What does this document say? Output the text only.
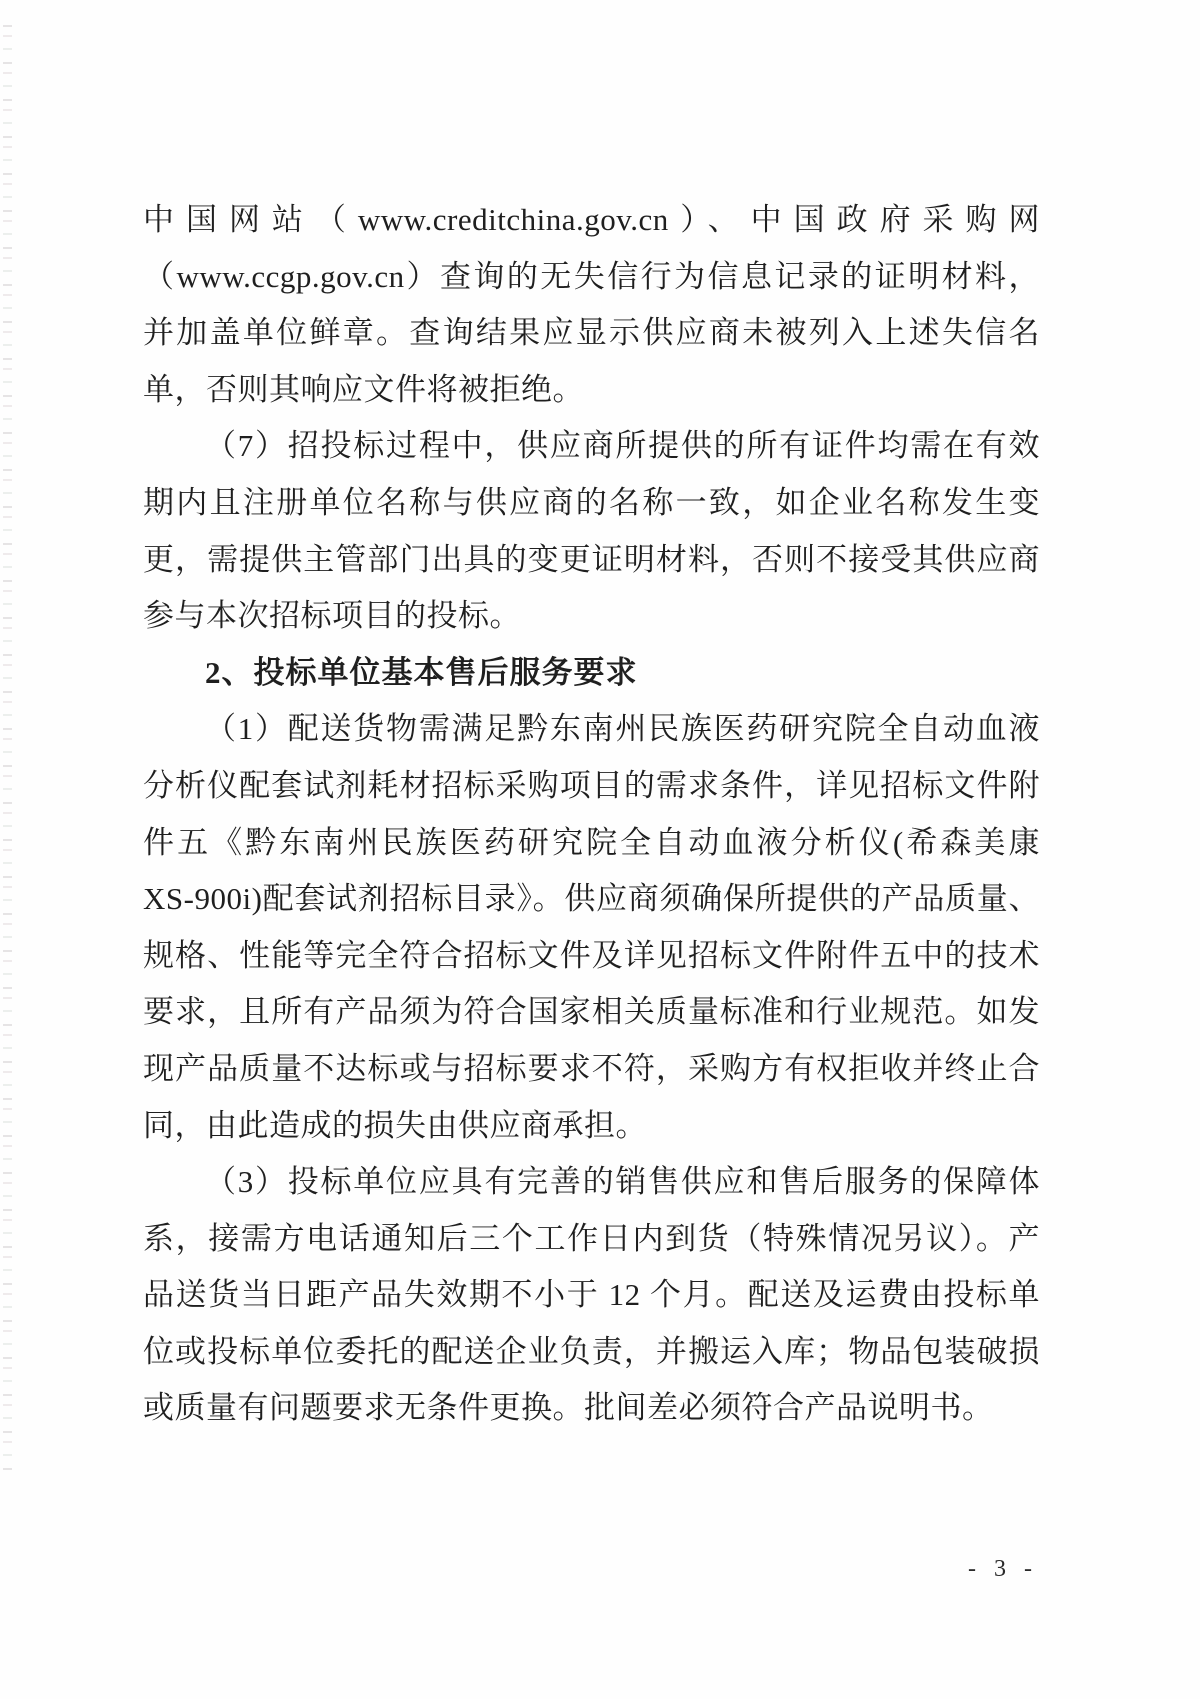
中国网站（www.creditchina.gov.cn）、中国政府采购网

（www.ccgp.gov.cn）查询的无失信行为信息记录的证明材料，

并加盖单位鲜章。查询结果应显示供应商未被列入上述失信名

单，否则其响应文件将被拒绝。

（7）招投标过程中，供应商所提供的所有证件均需在有效

期内且注册单位名称与供应商的名称一致，如企业名称发生变

更，需提供主管部门出具的变更证明材料，否则不接受其供应商

参与本次招标项目的投标。

2、投标单位基本售后服务要求

（1）配送货物需满足黔东南州民族医药研究院全自动血液

分析仪配套试剂耗材招标采购项目的需求条件，详见招标文件附

件五《黔东南州民族医药研究院全自动血液分析仪(希森美康

XS-900i)配套试剂招标目录》。供应商须确保所提供的产品质量、

规格、性能等完全符合招标文件及详见招标文件附件五中的技术

要求，且所有产品须为符合国家相关质量标准和行业规范。如发

现产品质量不达标或与招标要求不符，采购方有权拒收并终止合

同，由此造成的损失由供应商承担。

（3）投标单位应具有完善的销售供应和售后服务的保障体

系，接需方电话通知后三个工作日内到货（特殊情况另议）。产

品送货当日距产品失效期不小于 12 个月。配送及运费由投标单

位或投标单位委托的配送企业负责，并搬运入库；物品包装破损

或质量有问题要求无条件更换。批间差必须符合产品说明书。

- 3 -
